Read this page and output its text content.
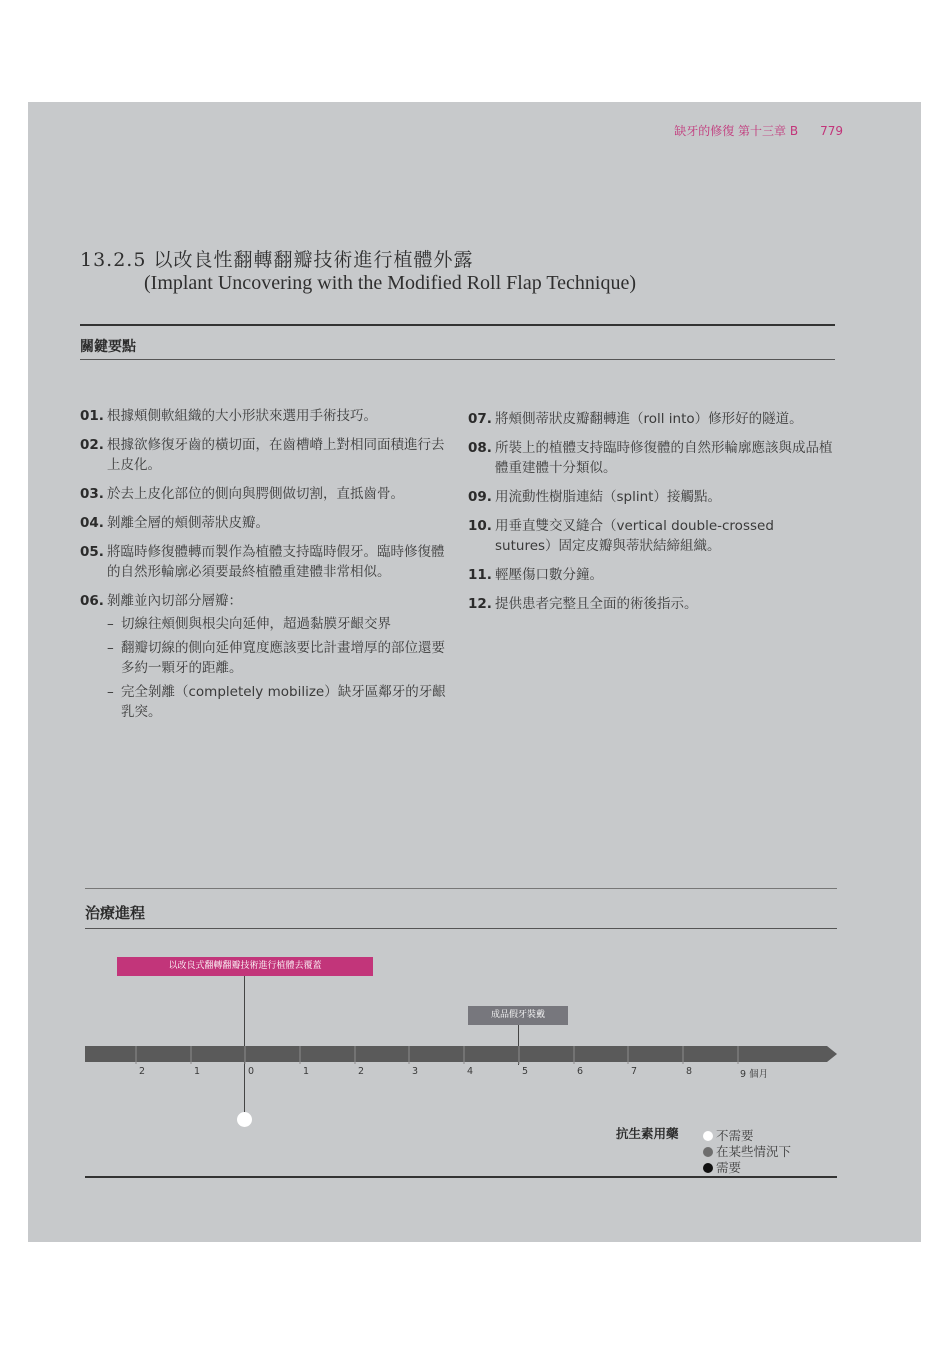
缺牙的修復 第十三章 B 779
13.2.5 以改良性翻轉翻瓣技術進行植體外露
(Implant Uncovering with the Modified Roll Flap Technique)
關鍵要點
01. 根據頰側軟組織的大小形狀來選用手術技巧。
02. 根據欲修復牙齒的橫切面，在齒槽嵴上對相同面積進行去上皮化。
03. 於去上皮化部位的側向與腭側做切割，直抵齒骨。
04. 剝離全層的頰側蒂狀皮瓣。
05. 將臨時修復體轉而製作為植體支持臨時假牙。臨時修復體的自然形輪廓必須要最終植體重建體非常相似。
06. 剝離並內切部分層瓣：
– 切線往頰側與根尖向延伸，超過黏膜牙齦交界
– 翻瓣切線的側向延伸寬度應該要比計畫增厚的部位還要多約一顆牙的距離。
– 完全剝離（completely mobilize）缺牙區鄰牙的牙齦乳突。
07. 將頰側蒂狀皮瓣翻轉進（roll into）修形好的隧道。
08. 所裝上的植體支持臨時修復體的自然形輪廓應該與成品植體重建體十分類似。
09. 用流動性樹脂連結（splint）接觸點。
10. 用垂直雙交叉縫合（vertical double-crossed sutures）固定皮瓣與蒂狀結締組織。
11. 輕壓傷口數分鐘。
12. 提供患者完整且全面的術後指示。
治療進程
以改良式翻轉翻瓣技術進行植體去覆蓋
成品假牙裝戴
2	1	0	1	2	3	4	5	6	7	8	9 個月
抗生素用藥	不需要
在某些情況下
需要
